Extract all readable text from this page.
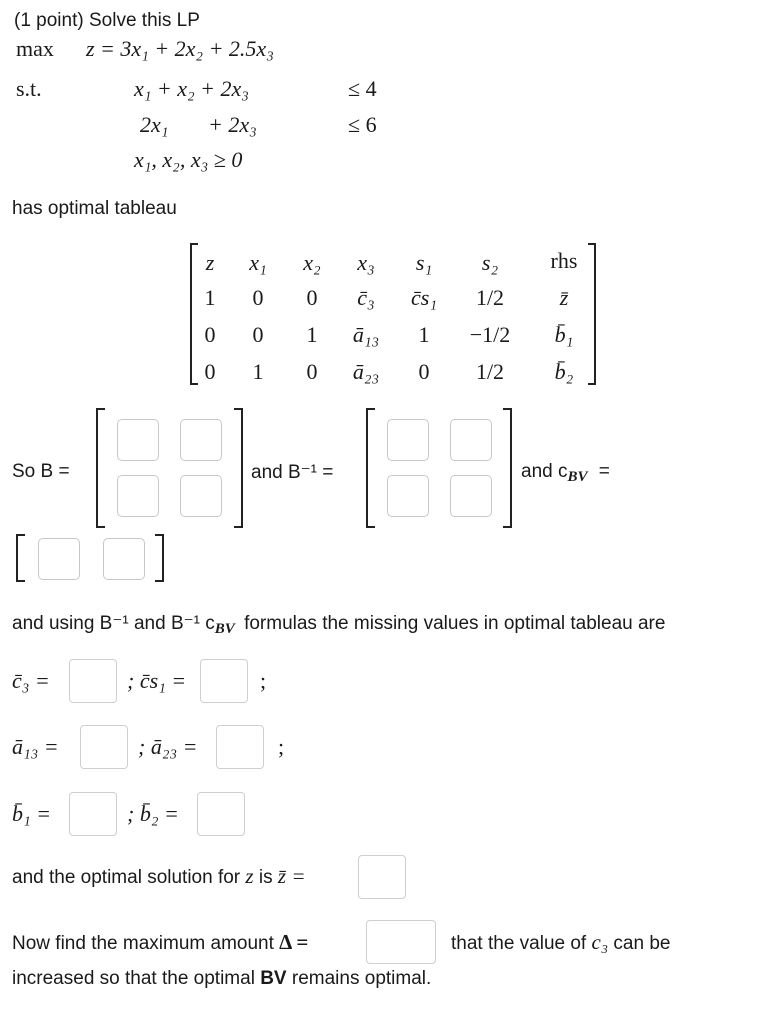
(1 point) Solve this LP
max z = 3x₁ + 2x₂ + 2.5x₃
s.t.	x₁ + x₂ + 2x₃	≤ 4
2x₁ + 2x₃	≤ 6
x₁, x₂, x₃ ≥ 0
has optimal tableau
z	x₁	x₂	x₃	s₁	s₂	rhs
1	0	0	c̄₃	c̄s₁	1/2	z̄
0	0	1	ā₁₃	1	−1/2	b̄₁
0	1	0	ā₂₃	0	1/2	b̄₂
So B =	and B⁻¹ =	and $c_{BV}$ =
and using B⁻¹ and B⁻¹ $c_{BV}$ formulas the missing values in optimal tableau are
c̄₃ =	; c̄s₁ =	;
ā₁₃ =	; ā₂₃ =	;
b̄₁ =	; b̄₂ =
and the optimal solution for z is z̄ =
Now find the maximum amount Δ =	that the value of c₃ can be
increased so that the optimal BV remains optimal.
